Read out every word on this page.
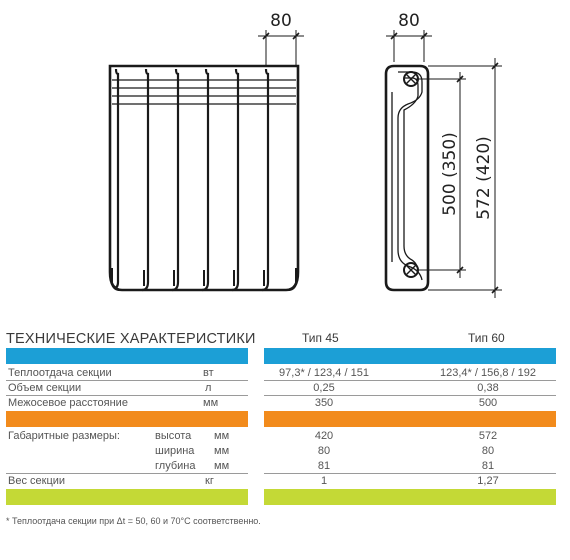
80	80
500 (350) 572 (420)
ТЕХНИЧЕСКИЕ ХАРАКТЕРИСТИКИ	Тип 45	Тип 60
Теплоотдача секции	вт	97,3* / 123,4 / 151	123,4* / 156,8 / 192
Объем секции	л	0,25	0,38
Межосевое расстояние	мм	350	500
Габаритные размеры:	высота мм	420	572
ширина мм	80	80
глубина мм	81	81
Вес секции	кг	1	1,27
* Теплоотдача секции при Δt = 50, 60 и 70°С соответственно.
